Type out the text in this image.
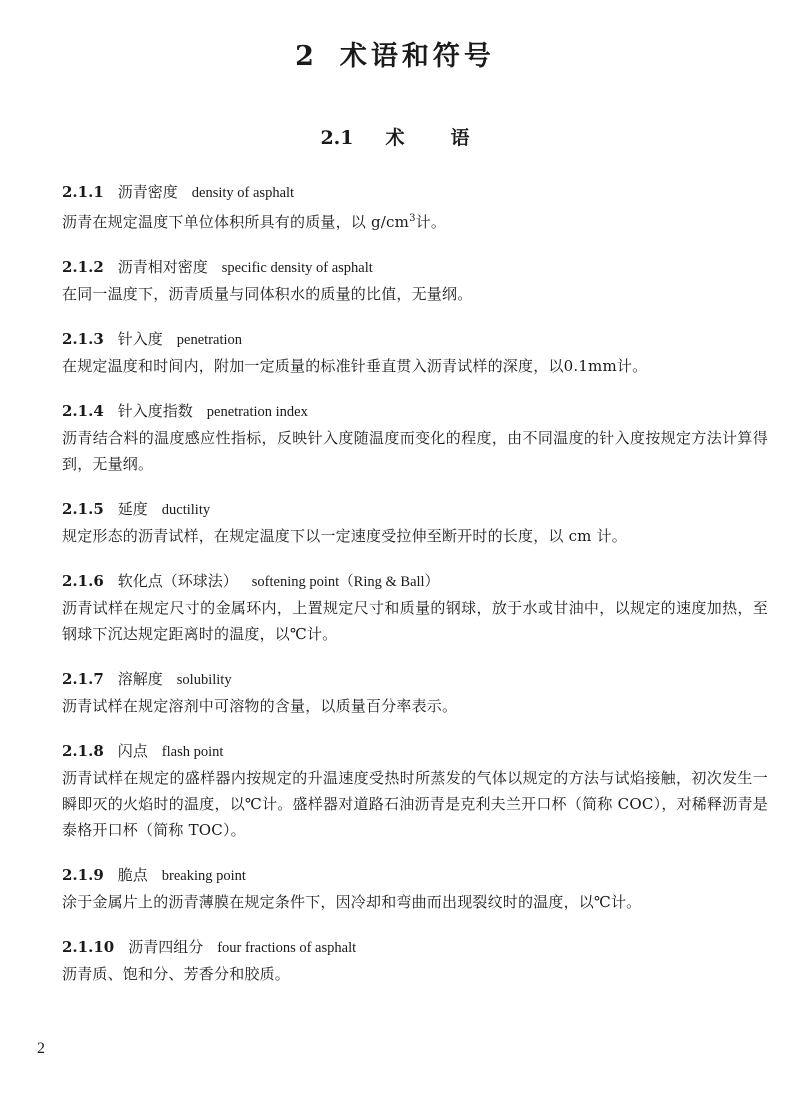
2 术语和符号
2.1 术 语
2.1.1 沥青密度 density of asphalt
沥青在规定温度下单位体积所具有的质量，以 $g/cm^3$计。
2.1.2 沥青相对密度 specific density of asphalt
在同一温度下，沥青质量与同体积水的质量的比值，无量纲。
2.1.3 针入度 penetration
在规定温度和时间内，附加一定质量的标准针垂直贯入沥青试样的深度，以0.1mm计。
2.1.4 针入度指数 penetration index
沥青结合料的温度感应性指标，反映针入度随温度而变化的程度，由不同温度的针入度按规定方法计算得到，无量纲。
2.1.5 延度 ductility
规定形态的沥青试样，在规定温度下以一定速度受拉伸至断开时的长度，以 cm 计。
2.1.6 软化点（环球法） softening point（Ring & Ball）
沥青试样在规定尺寸的金属环内，上置规定尺寸和质量的钢球，放于水或甘油中，以规定的速度加热，至钢球下沉达规定距离时的温度，以℃计。
2.1.7 溶解度 solubility
沥青试样在规定溶剂中可溶物的含量，以质量百分率表示。
2.1.8 闪点 flash point
沥青试样在规定的盛样器内按规定的升温速度受热时所蒸发的气体以规定的方法与试焰接触，初次发生一瞬即灭的火焰时的温度，以℃计。盛样器对道路石油沥青是克利夫兰开口杯（简称 COC），对稀释沥青是泰格开口杯（简称 TOC）。
2.1.9 脆点 breaking point
涂于金属片上的沥青薄膜在规定条件下，因冷却和弯曲而出现裂纹时的温度，以℃计。
2.1.10 沥青四组分 four fractions of asphalt
沥青质、饱和分、芳香分和胶质。
2
